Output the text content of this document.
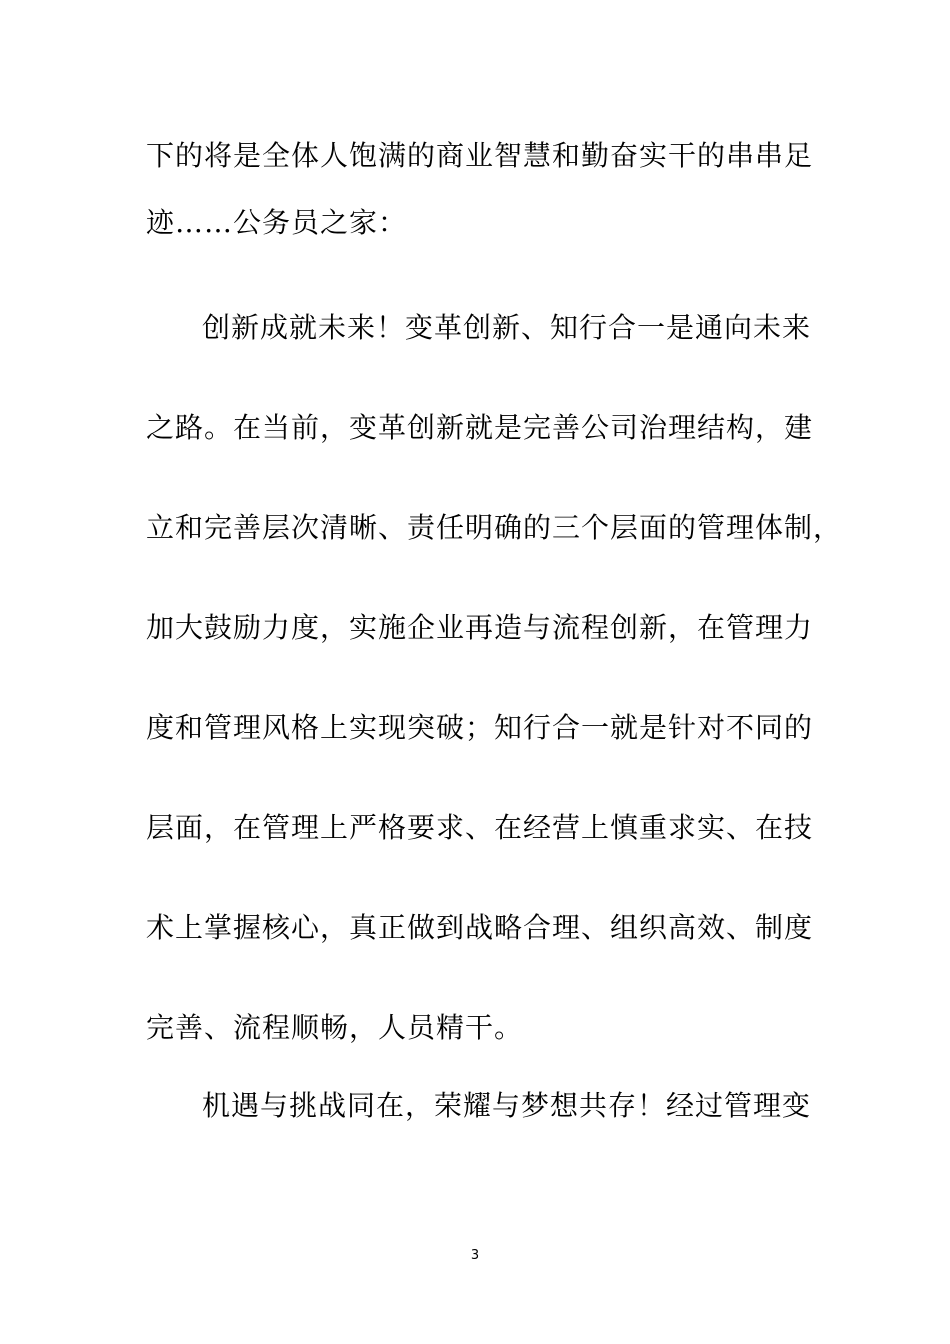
下的将是全体人饱满的商业智慧和勤奋实干的串串足
迹……公务员之家：
创新成就未来！变革创新、知行合一是通向未来
之路。在当前，变革创新就是完善公司治理结构，建
立和完善层次清晰、责任明确的三个层面的管理体制，
加大鼓励力度，实施企业再造与流程创新，在管理力
度和管理风格上实现突破；知行合一就是针对不同的
层面，在管理上严格要求、在经营上慎重求实、在技
术上掌握核心，真正做到战略合理、组织高效、制度
完善、流程顺畅，人员精干。
机遇与挑战同在，荣耀与梦想共存！经过管理变
3
